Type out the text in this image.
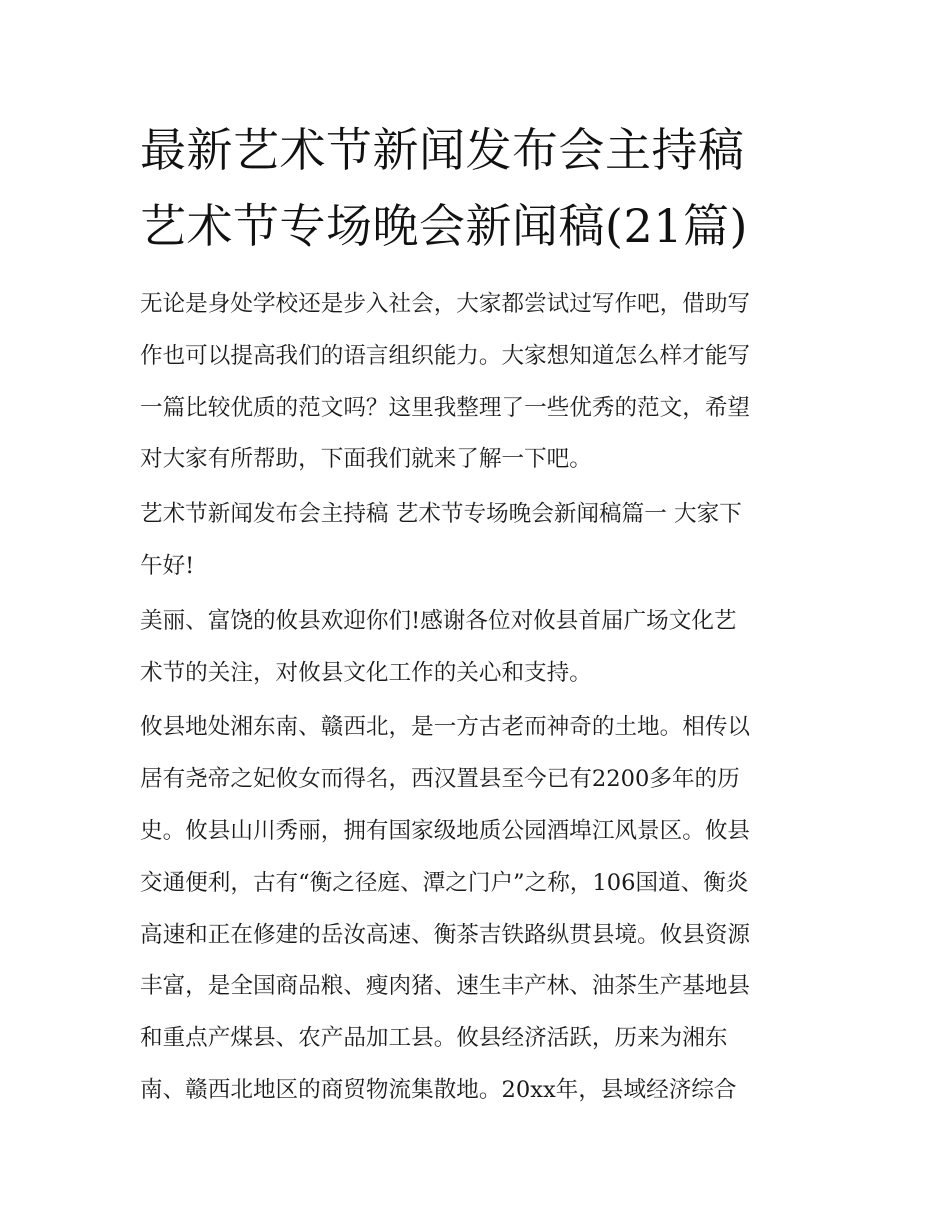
最新艺术节新闻发布会主持稿
艺术节专场晚会新闻稿(21篇)

无论是身处学校还是步入社会，大家都尝试过写作吧，借助写
作也可以提高我们的语言组织能力。大家想知道怎么样才能写
一篇比较优质的范文吗？这里我整理了一些优秀的范文，希望
对大家有所帮助，下面我们就来了解一下吧。

艺术节新闻发布会主持稿 艺术节专场晚会新闻稿篇一 大家下
午好!

美丽、富饶的攸县欢迎你们!感谢各位对攸县首届广场文化艺
术节的关注，对攸县文化工作的关心和支持。

攸县地处湘东南、赣西北，是一方古老而神奇的土地。相传以
居有尧帝之妃攸女而得名，西汉置县至今已有2200多年的历
史。攸县山川秀丽，拥有国家级地质公园酒埠江风景区。攸县
交通便利，古有“衡之径庭、潭之门户”之称，106国道、衡炎
高速和正在修建的岳汝高速、衡茶吉铁路纵贯县境。攸县资源
丰富，是全国商品粮、瘦肉猪、速生丰产林、油茶生产基地县
和重点产煤县、农产品加工县。攸县经济活跃，历来为湘东
南、赣西北地区的商贸物流集散地。20xx年，县域经济综合
